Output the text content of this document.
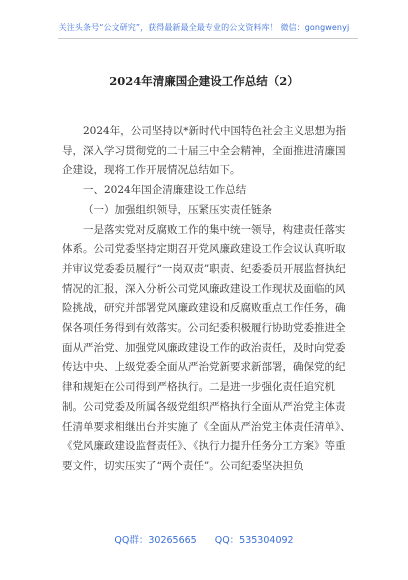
关注头条号“公文研究”，获得最新最全最专业的公文资料库！ 微信：gongwenyj
2024年清廉国企建设工作总结（2）

2024年，公司坚持以*新时代中国特色社会主义思想为指导，深入学习贯彻党的二十届三中全会精神，全面推进清廉国企建设，现将工作开展情况总结如下。

一、2024年国企清廉建设工作总结

（一）加强组织领导，压紧压实责任链条

一是落实党对反腐败工作的集中统一领导，构建责任落实体系。公司党委坚持定期召开党风廉政建设工作会议认真听取并审议党委委员履行“一岗双责”职责、纪委委员开展监督执纪情况的汇报，深入分析公司党风廉政建设工作现状及面临的风险挑战，研究并部署党风廉政建设和反腐败重点工作任务，确保各项任务得到有效落实。公司纪委积极履行协助党委推进全面从严治党、加强党风廉政建设工作的政治责任，及时向党委传达中央、上级党委全面从严治党新要求新部署，确保党的纪律和规矩在公司得到严格执行。二是进一步强化责任追究机制。公司党委及所属各级党组织严格执行全面从严治党主体责任清单要求相继出台并实施了《全面从严治党主体责任清单》、《党风廉政建设监督责任》、《执行力提升任务分工方案》等重要文件，切实压实了“两个责任”。公司纪委坚决担负

QQ群：30265665 QQ：535304092
